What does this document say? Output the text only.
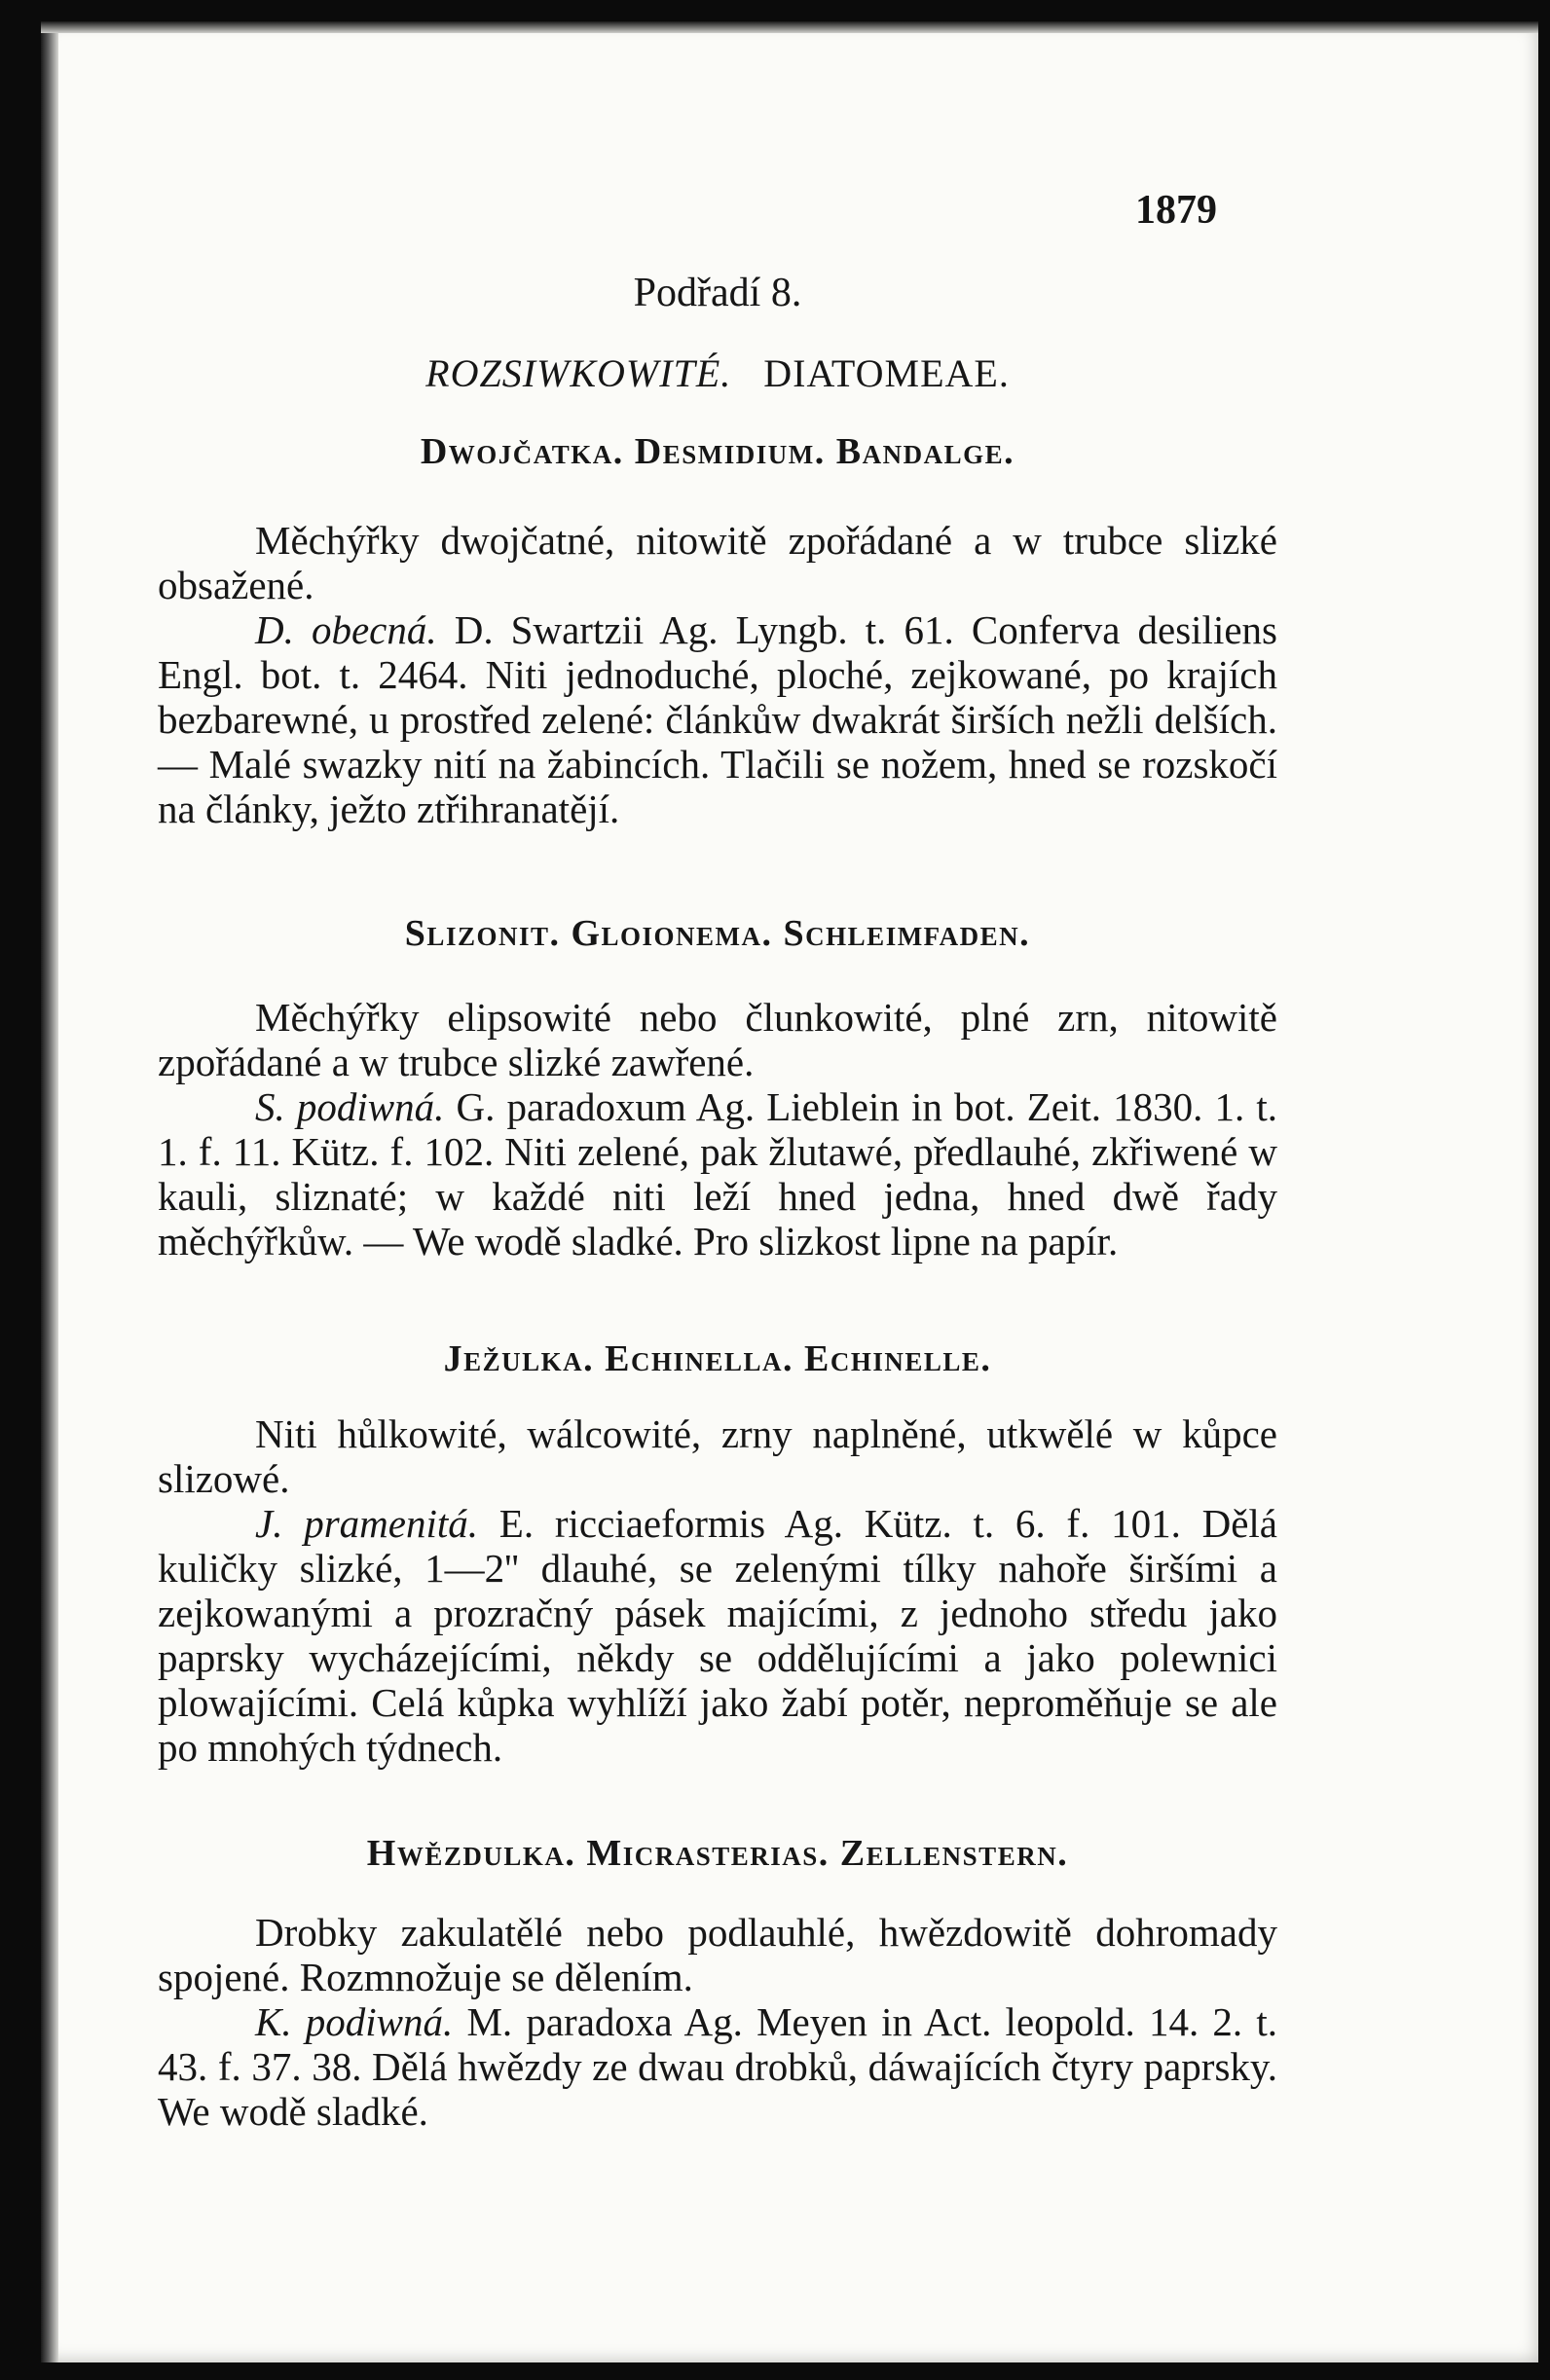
1879
Podřadí 8.
ROZSIWKOWITÉ. DIATOMEAE.
Dwojčatka. Desmidium. Bandalge.

Měchýřky dwojčatné, nitowitě zpořádané a w trubce slizké obsažené.

D. obecná. D. Swartzii Ag. Lyngb. t. 61. Conferva desiliens Engl. bot. t. 2464. Niti jednoduché, ploché, zejkowané, po krajích bezbarewné, u prostřed zelené: článkůw dwakrát širších nežli delších. — Malé swazky nití na žabincích. Tlačili se nožem, hned se rozskočí na články, ježto ztřihranatějí.

Slizonit. Gloionema. Schleimfaden.

Měchýřky elipsowité nebo člunkowité, plné zrn, nitowitě zpořádané a w trubce slizké zawřené.

S. podiwná. G. paradoxum Ag. Lieblein in bot. Zeit. 1830. 1. t. 1. f. 11. Kütz. f. 102. Niti zelené, pak žlutawé, předlauhé, zkřiwené w kauli, sliznaté; w každé niti leží hned jedna, hned dwě řady měchýřkůw. — We wodě sladké. Pro slizkost lipne na papír.

Ježulka. Echinella. Echinelle.

Niti hůlkowité, wálcowité, zrny naplněné, utkwělé w kůpce slizowé.

J. pramenitá. E. ricciaeformis Ag. Kütz. t. 6. f. 101. Dělá kuličky slizké, 1—2'' dlauhé, se zelenými tílky nahoře širšími a zejkowanými a prozračný pásek majícími, z jednoho středu jako paprsky wycházejícími, někdy se oddělujícími a jako polewnici plowajícími. Celá kůpka wyhlíží jako žabí potěr, neproměňuje se ale po mnohých týdnech.

Hwězdulka. Micrasterias. Zellenstern.

Drobky zakulatělé nebo podlauhlé, hwězdowitě dohromady spojené. Rozmnožuje se dělením.

K. podiwná. M. paradoxa Ag. Meyen in Act. leopold. 14. 2. t. 43. f. 37. 38. Dělá hwězdy ze dwau drobků, dáwajících čtyry paprsky. We wodě sladké.
